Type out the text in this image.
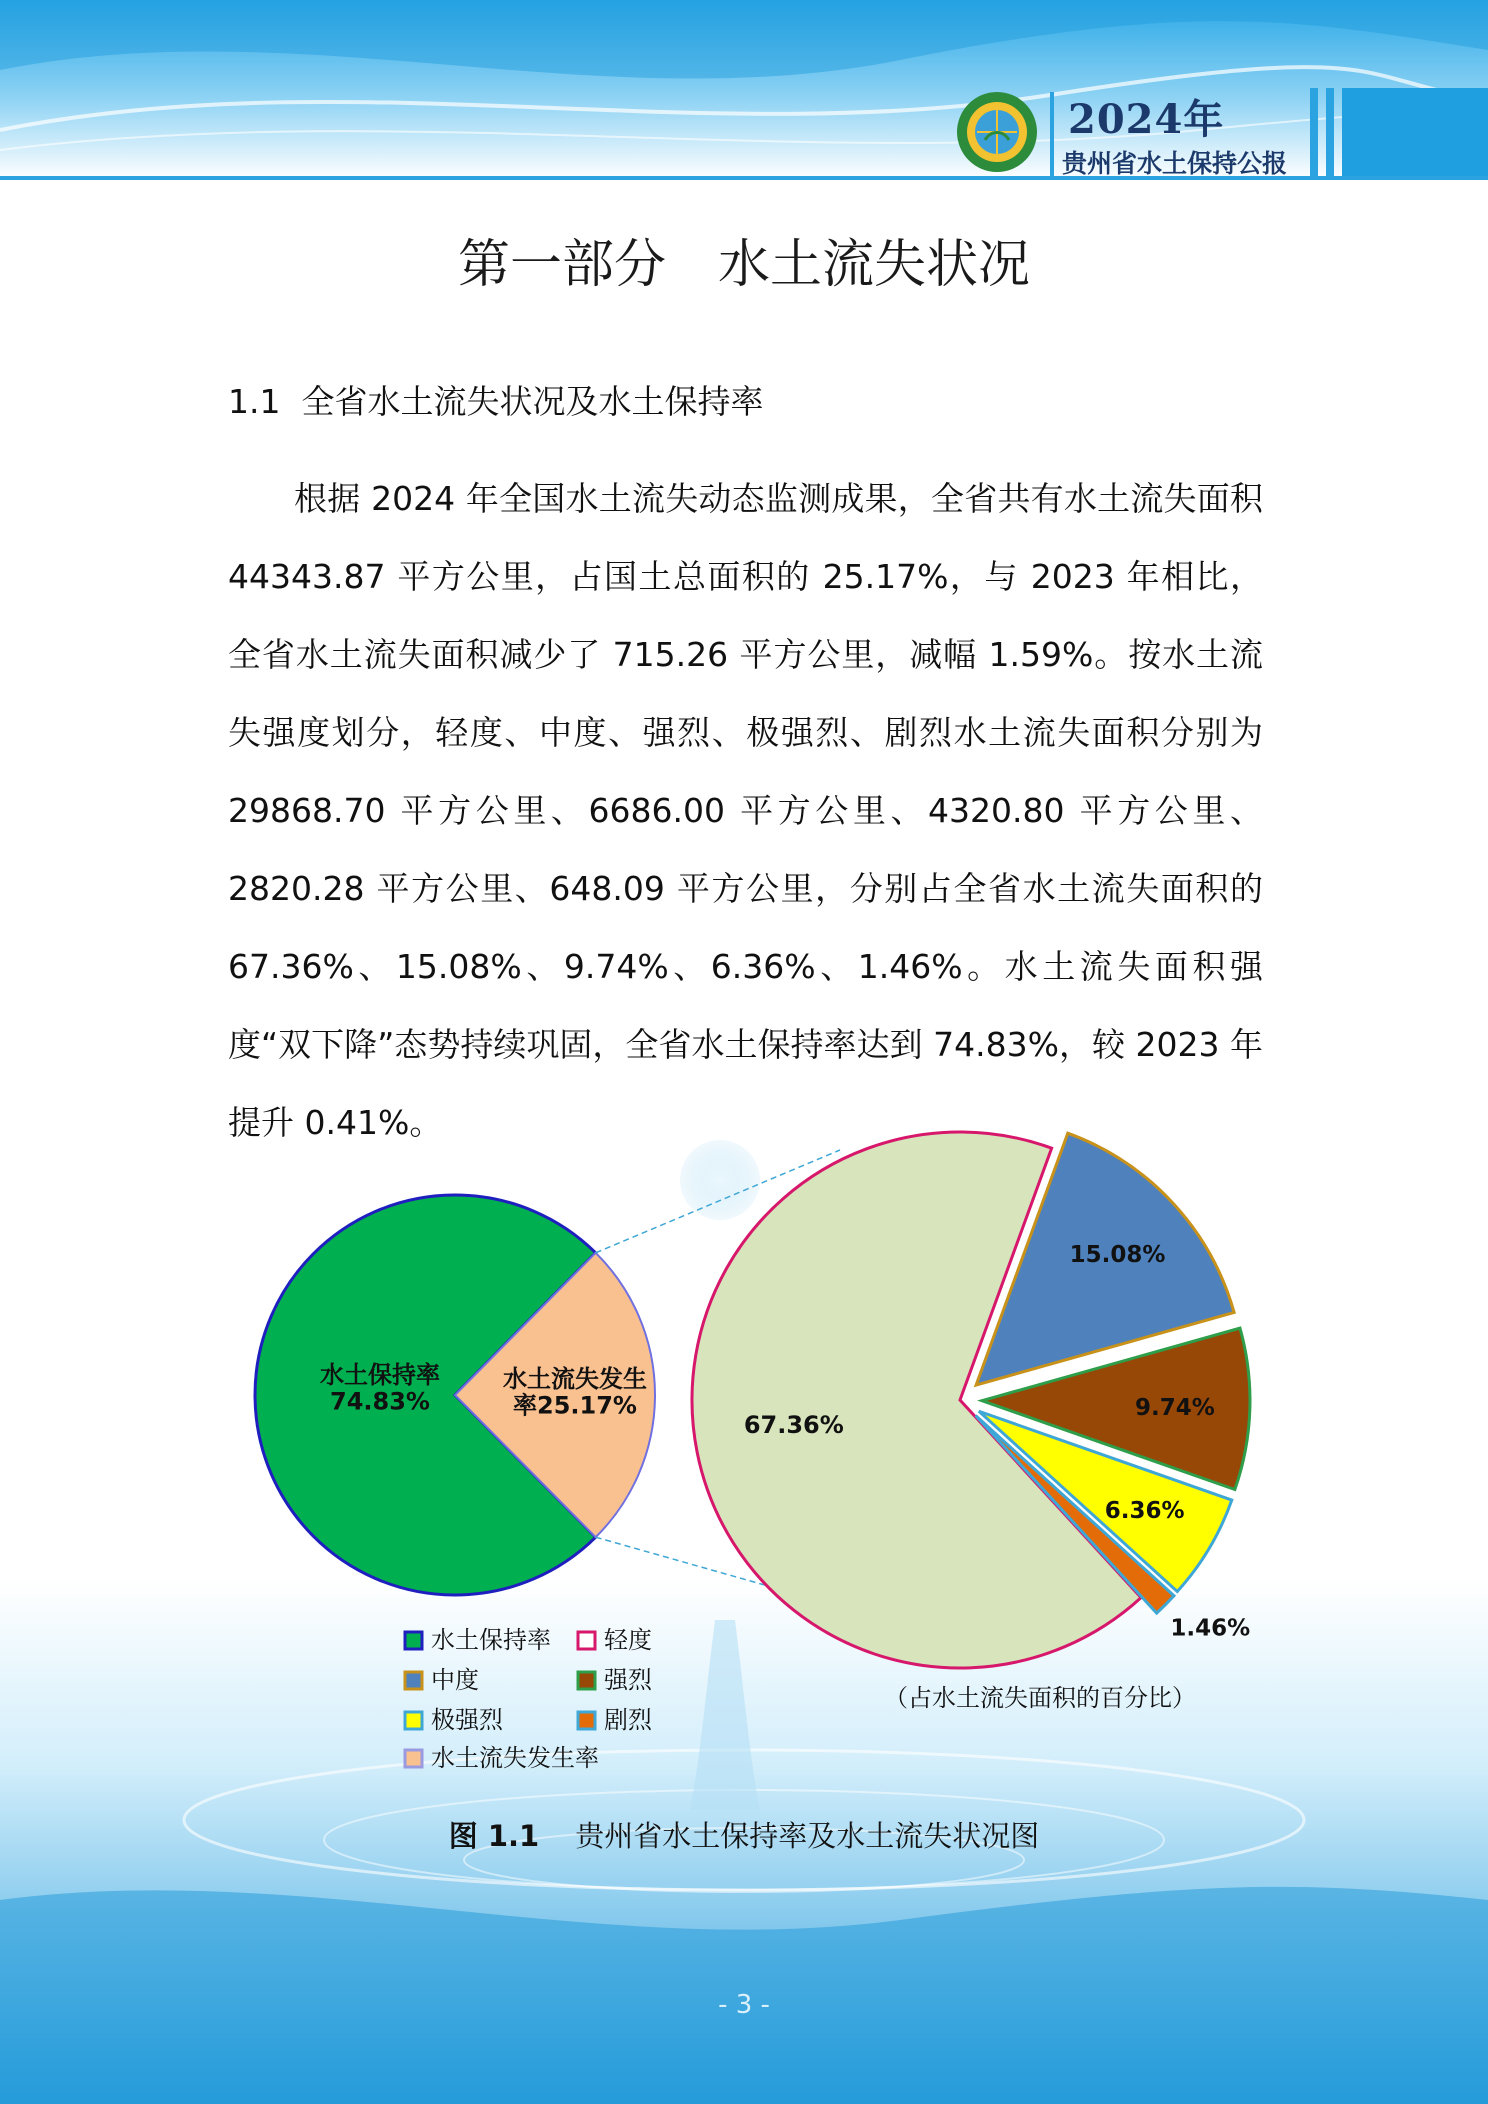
2024年
贵州省水土保持公报
第一部分　水土流失状况
1.1  全省水土流失状况及水土保持率

根据 2024 年全国水土流失动态监测成果，全省共有水土流失面积 44343.87 平方公里，占国土总面积的 25.17%，与 2023 年相比，全省水土流失面积减少了 715.26 平方公里，减幅 1.59%。按水土流失强度划分，轻度、中度、强烈、极强烈、剧烈水土流失面积分别为 29868.70 平方公里、6686.00 平方公里、4320.80 平方公里、2820.28 平方公里、648.09 平方公里，分别占全省水土流失面积的 67.36%、15.08%、9.74%、6.36%、1.46%。水土流失面积强度“双下降”态势持续巩固，全省水土保持率达到 74.83%，较 2023 年提升 0.41%。

水土保持率 74.83%
水土流失发生率25.17%
67.36%
15.08%
9.74%
6.36%
1.46%
（占水土流失面积的百分比）
水土保持率 轻度
中度	强烈
极强烈	剧烈
水土流失发生率
图 1.1 贵州省水土保持率及水土流失状况图
- 3 -
